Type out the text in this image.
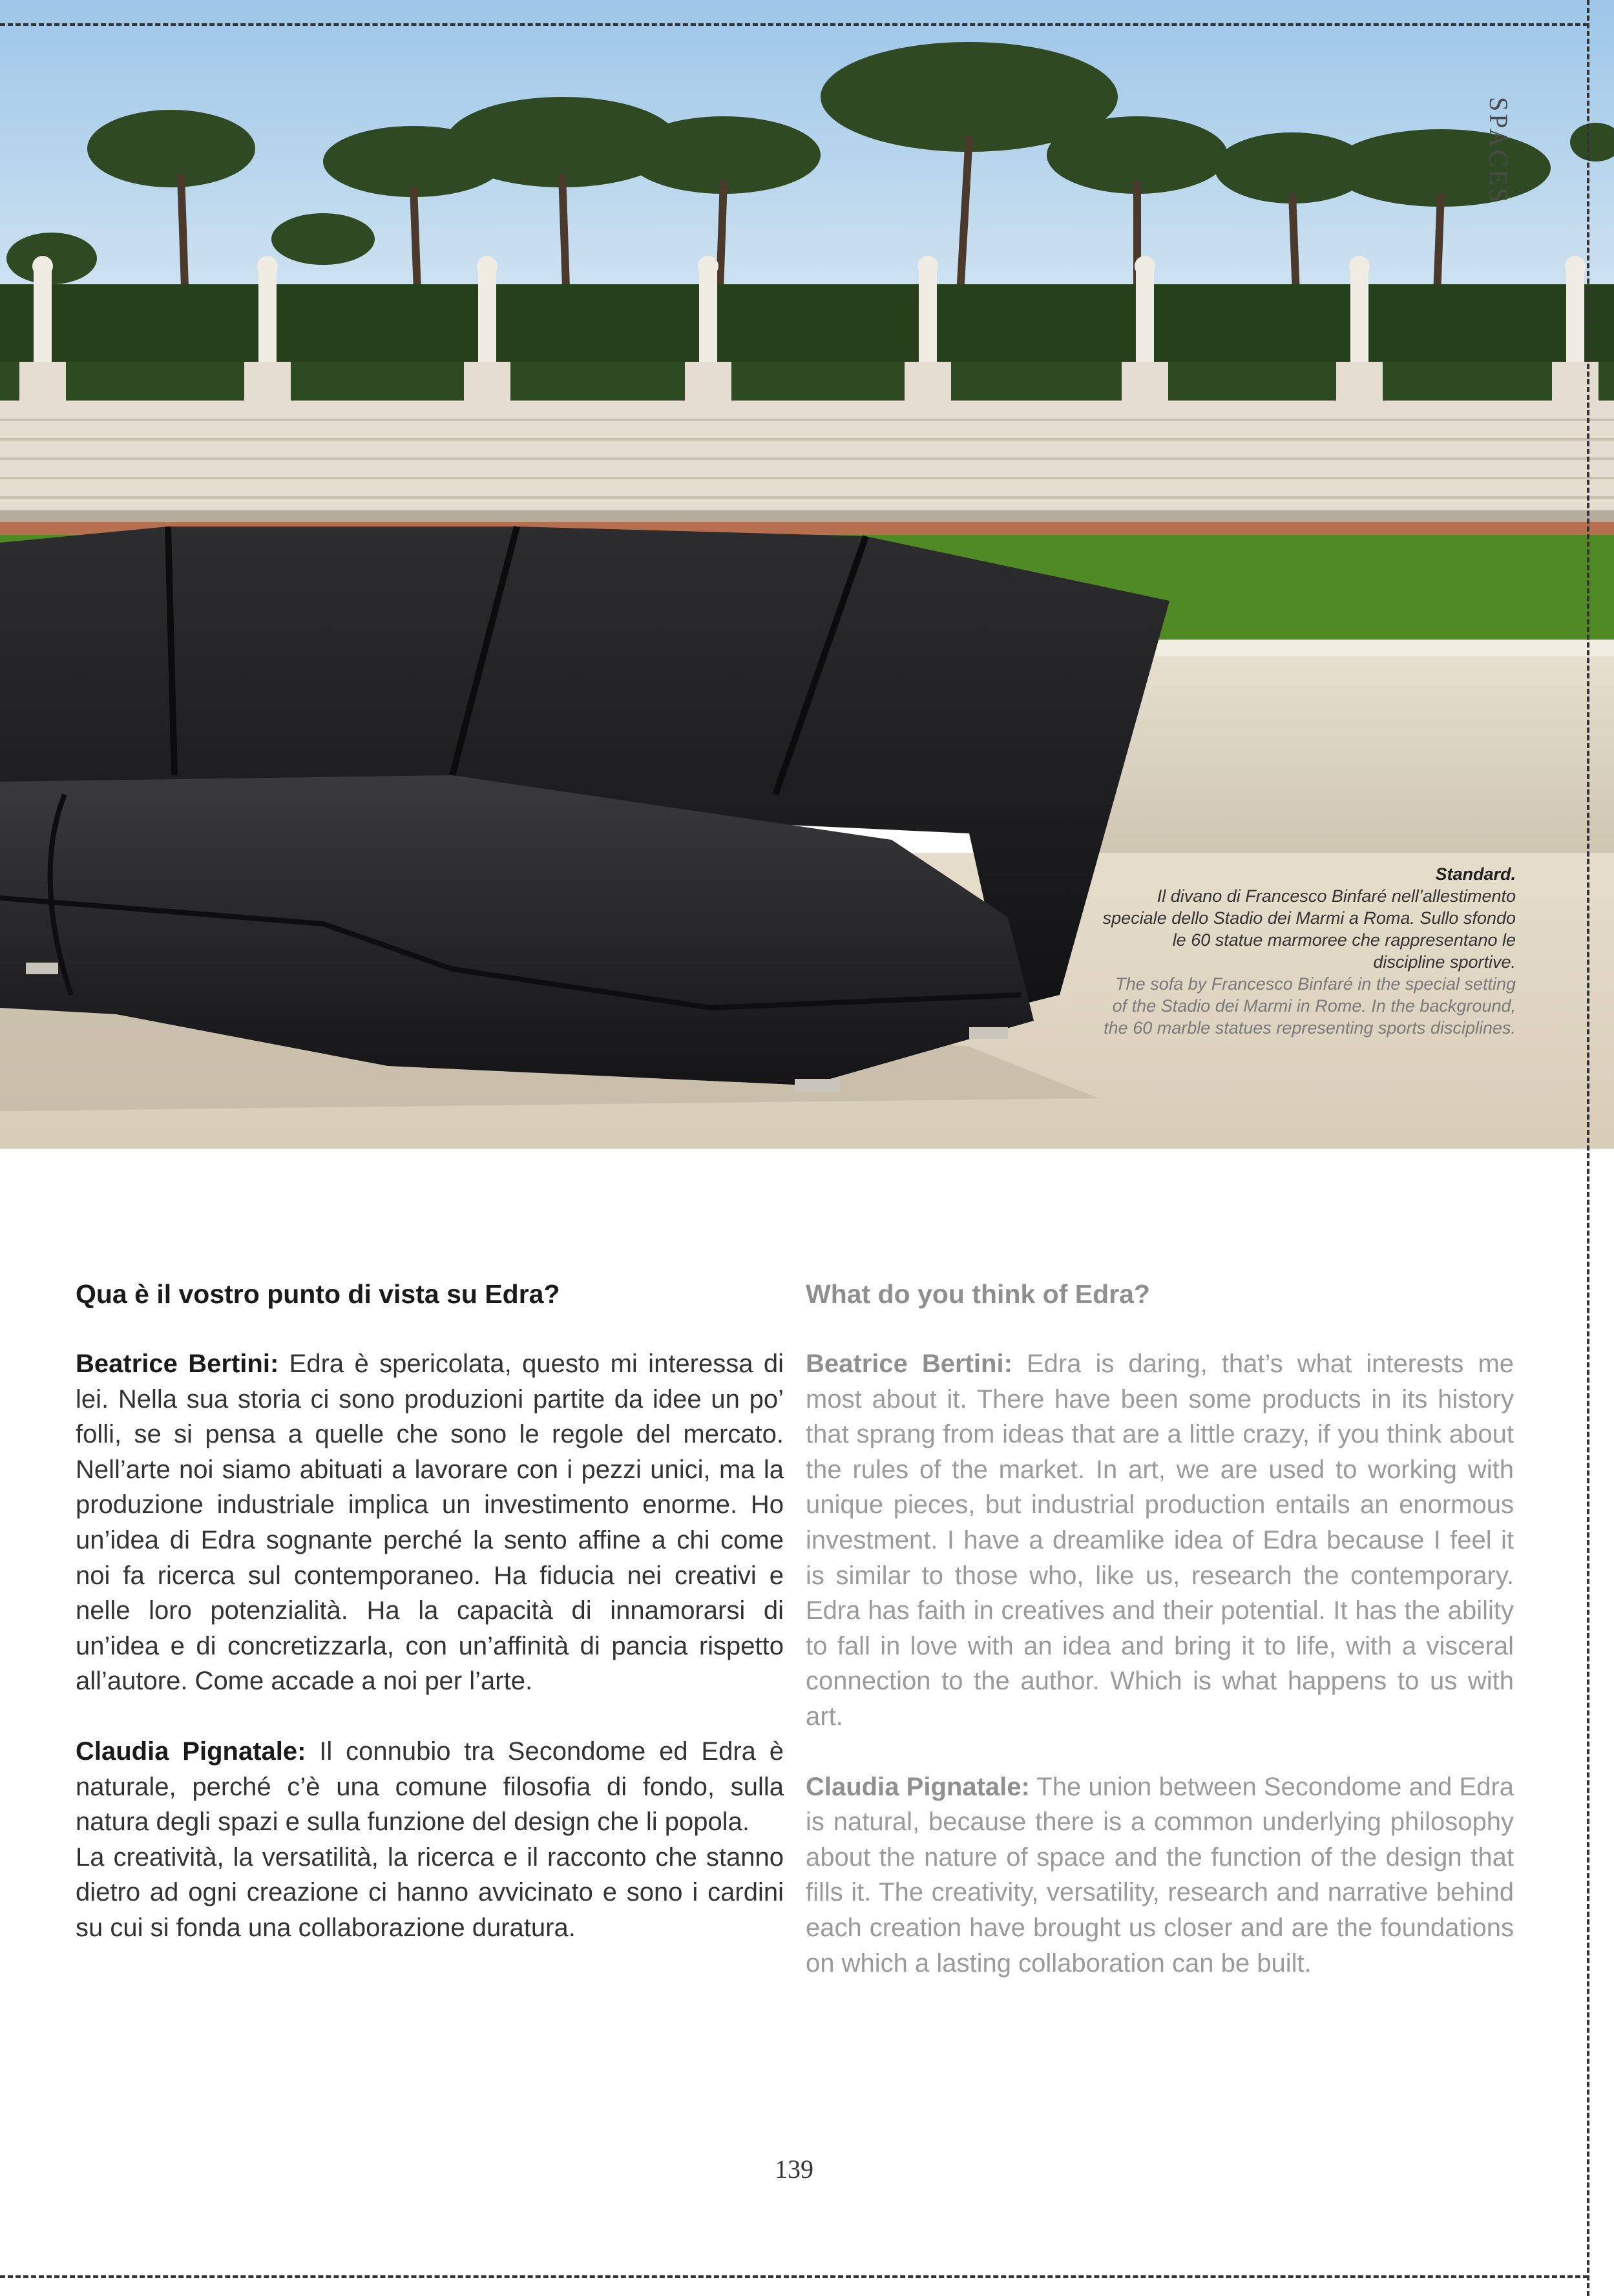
SPACES
Standard.
Il divano di Francesco Binfaré nell’allestimento speciale dello Stadio dei Marmi a Roma. Sullo sfondo le 60 statue marmoree che rappresentano le discipline sportive.
The sofa by Francesco Binfaré in the special setting of the Stadio dei Marmi in Rome. In the background, the 60 marble statues representing sports disciplines.
Qua è il vostro punto di vista su Edra?

Beatrice Bertini: Edra è spericolata, questo mi interessa di lei. Nella sua storia ci sono produzioni partite da idee un po’ folli, se si pensa a quelle che sono le regole del mercato. Nell’arte noi siamo abituati a lavorare con i pezzi unici, ma la produzione industriale implica un investimento enorme. Ho un’idea di Edra sognante perché la sento affine a chi come noi fa ricerca sul contemporaneo. Ha fiducia nei creativi e nelle loro potenzialità. Ha la capacità di innamorarsi di un’idea e di concretizzarla, con un’affinità di pancia rispetto all’autore. Come accade a noi per l’arte.

Claudia Pignatale: Il connubio tra Secondome ed Edra è naturale, perché c’è una comune filosofia di fondo, sulla natura degli spazi e sulla funzione del design che li popola.

La creatività, la versatilità, la ricerca e il racconto che stanno dietro ad ogni creazione ci hanno avvicinato e sono i cardini su cui si fonda una collaborazione duratura.

What do you think of Edra?

Beatrice Bertini: Edra is daring, that’s what interests me most about it. There have been some products in its history that sprang from ideas that are a little crazy, if you think about the rules of the market. In art, we are used to working with unique pieces, but industrial production entails an enormous investment. I have a dreamlike idea of Edra because I feel it is similar to those who, like us, research the contemporary. Edra has faith in creatives and their potential. It has the ability to fall in love with an idea and bring it to life, with a visceral connection to the author. Which is what happens to us with art.

Claudia Pignatale: The union between Secondome and Edra is natural, because there is a common underlying philosophy about the nature of space and the function of the design that fills it. The creativity, versatility, research and narrative behind each creation have brought us closer and are the foundations on which a lasting collaboration can be built.

139
